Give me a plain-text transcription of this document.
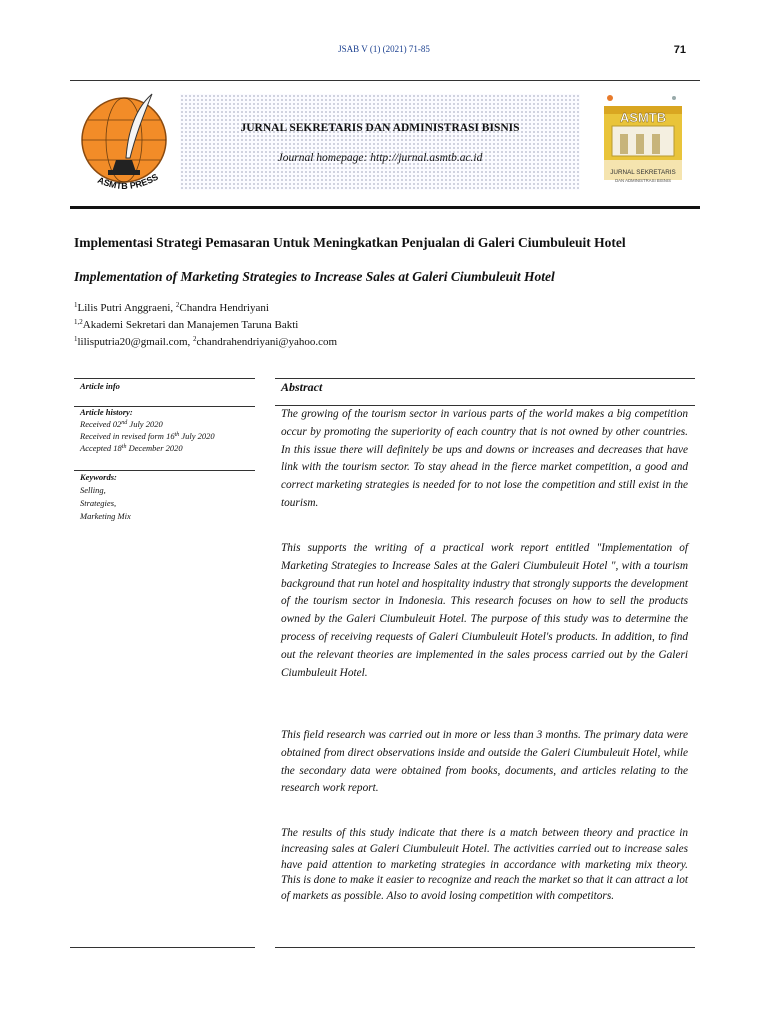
JSAB V (1) (2021) 71-85	71
ASMTB PRESS
JURNAL SEKRETARIS DAN ADMINISTRASI BISNIS
Journal homepage: http://jurnal.asmtb.ac.id
ASMTB
JURNAL SEKRETARIS
DAN ADMINISTRASI BISNIS
Implementasi Strategi Pemasaran Untuk Meningkatkan Penjualan di Galeri Ciumbuleuit Hotel
Implementation of Marketing Strategies to Increase Sales at Galeri Ciumbuleuit Hotel
$^1$Lilis Putri Anggraeni, $^2$Chandra Hendriyani
$^{1,2}$Akademi Sekretari dan Manajemen Taruna Bakti
$^1$lilisputria20@gmail.com, $^2$chandrahendriyani@yahoo.com
Article info
Article history:
Received 02nd July 2020
Received in revised form 16th July 2020
Accepted 18th December 2020
Keywords:
Selling,
Strategies,
Marketing Mix
Abstract
The growing of the tourism sector in various parts of the world makes a big competition occur by promoting the superiority of each country that is not owned by other countries. In this issue there will definitely be ups and downs or increases and decreases that have link with the tourism sector. To stay ahead in the fierce market competition, a good and correct marketing strategies is needed for to not lose the competition and still exist in the tourism.
This supports the writing of a practical work report entitled "Implementation of Marketing Strategies to Increase Sales at the Galeri Ciumbuleuit Hotel ", with a tourism background that run hotel and hospitality industry that strongly supports the development of the tourism sector in Indonesia. This research focuses on how to sell the products owned by the Galeri Ciumbuleuit Hotel. The purpose of this study was to determine the process of receiving requests of Galeri Ciumbuleuit Hotel's products. In addition, to find out the relevant theories are implemented in the sales process carried out by the Galeri Ciumbuleuit Hotel.
This field research was carried out in more or less than 3 months. The primary data were obtained from direct observations inside and outside the Galeri Ciumbuleuit Hotel, while the secondary data were obtained from books, documents, and articles relating to the research work report.
The results of this study indicate that there is a match between theory and practice in increasing sales at Galeri Ciumbuleuit Hotel. The activities carried out to increase sales have paid attention to marketing strategies in accordance with marketing mix theory. This is done to make it easier to recognize and reach the market so that it can attract a lot of markets as possible. Also to avoid losing competition with competitors.
